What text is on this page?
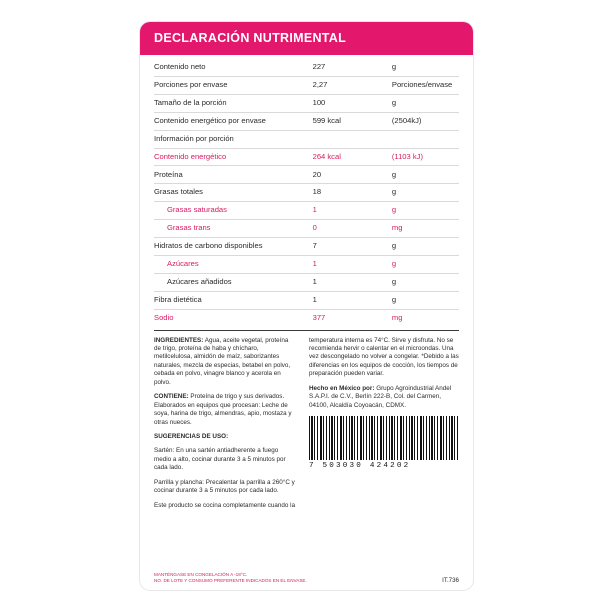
DECLARACIÓN NUTRIMENTAL
Contenido neto	227	g
Porciones por envase	2,27	Porciones/envase
Tamaño de la porción	100	g
Contenido energético por envase	599 kcal	(2504kJ)
Información por porción		
Contenido energético	264 kcal	(1103 kJ)
Proteína	20	g
Grasas totales	18	g
Grasas saturadas	1	g
Grasas trans	0	mg
Hidratos de carbono disponibles	7	g
Azúcares	1	g
Azúcares añadidos	1	g
Fibra dietética	1	g
Sodio	377	mg

INGREDIENTES: Agua, aceite vegetal, proteína de trigo, proteína de haba y chícharo, metilcelulosa, almidón de maíz, saborizantes naturales, mezcla de especias, betabel en polvo, cebada en polvo, vinagre blanco y acerola en polvo.

CONTIENE: Proteína de trigo y sus derivados. Elaborados en equipos que procesan: Leche de soya, harina de trigo, almendras, apio, mostaza y otras nueces.

SUGERENCIAS DE USO:

Sartén: En una sartén antiadherente a fuego medio a alto, cocinar durante 3 a 5 minutos por cada lado.

Parrilla y plancha: Precalentar la parrilla a 260°C y cocinar durante 3 a 5 minutos por cada lado.

Este producto se cocina completamente cuando la

temperatura interna es 74°C. Sirve y disfruta. No se recomienda hervir o calentar en el microondas. Una vez descongelado no volver a congelar. *Debido a las diferencias en los equipos de cocción, los tiempos de preparación pueden variar.

Hecho en México por: Grupo Agroindustrial Andel S.A.P.I. de C.V., Berlín 222-B, Col. del Carmen, 04100, Alcaldía Coyoacán, CDMX.

7 503030 424202
MANTÉNGASE EN CONGELACIÓN A -18°C.
NO. DE LOTE Y CONSUMO PREFERENTE INDICADOS EN EL ENVASE.	IT.736
